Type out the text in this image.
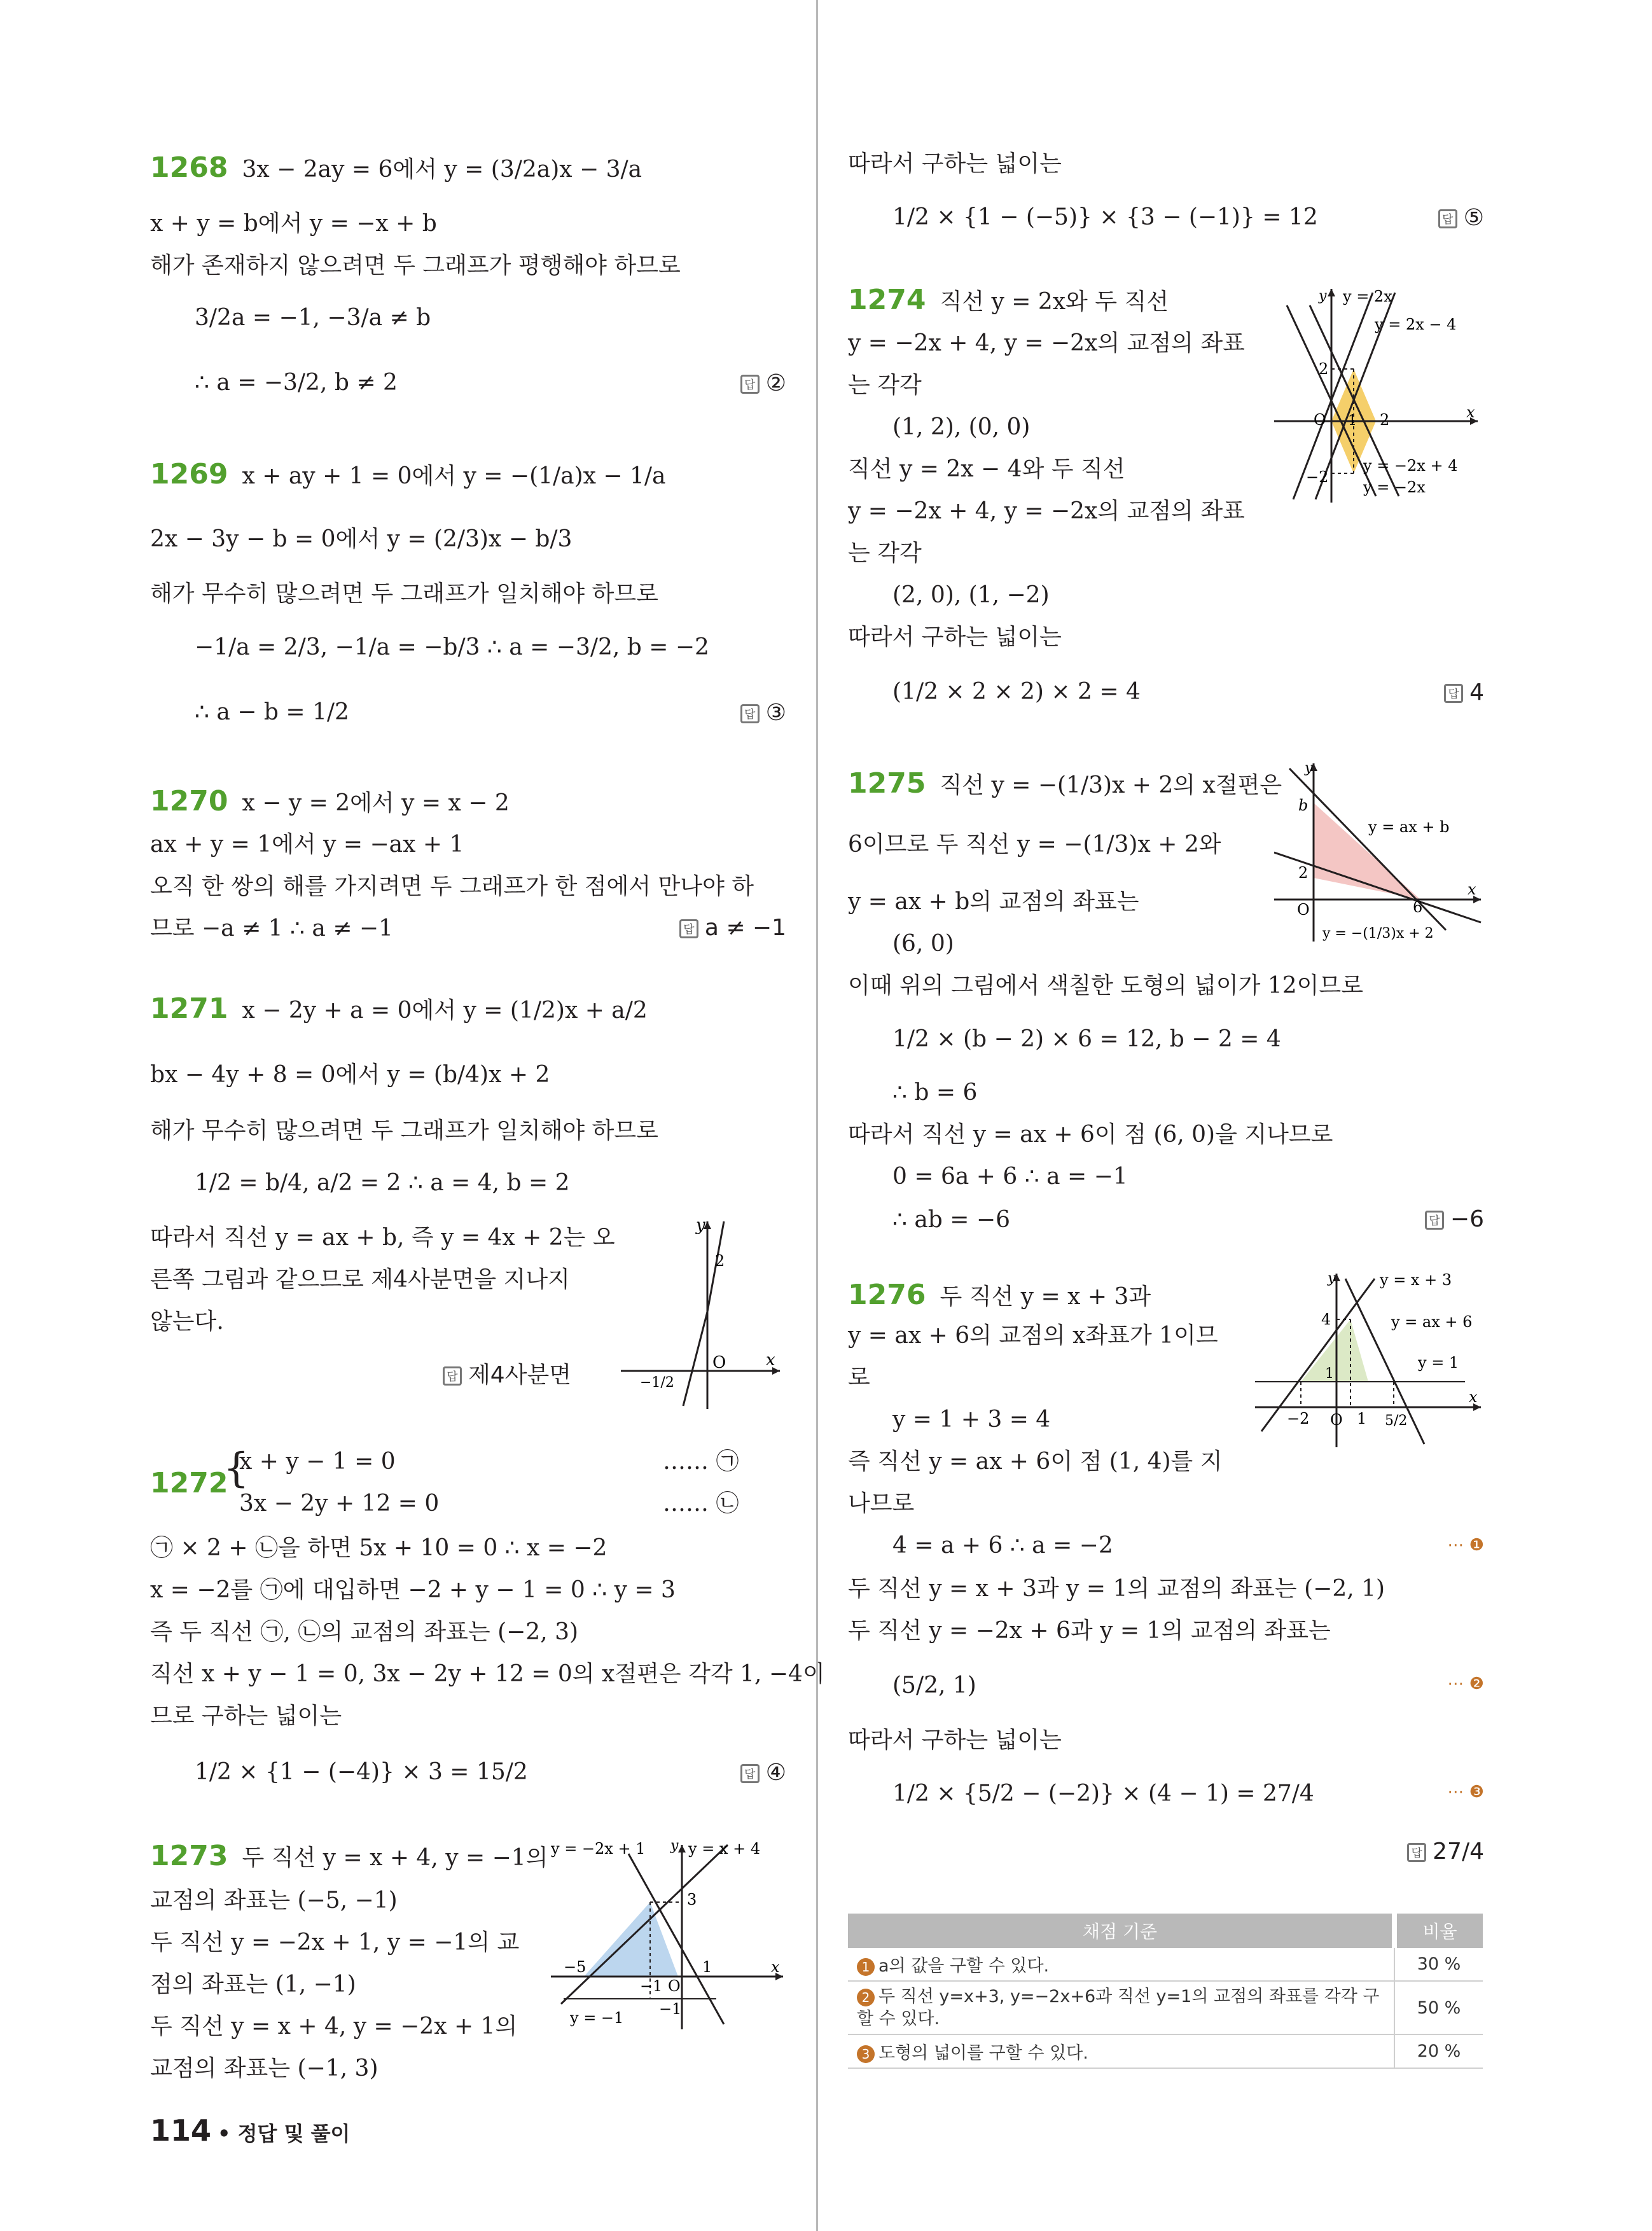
1268 3x − 2ay = 6에서 y = (3/2a)x − 3/a
x + y = b에서 y = −x + b
해가 존재하지 않으려면 두 그래프가 평행해야 하므로
3/2a = −1, −3/a ≠ b
∴ a = −3/2, b ≠ 2	답 ②
1269 x + ay + 1 = 0에서 y = −(1/a)x − 1/a
2x − 3y − b = 0에서 y = (2/3)x − b/3
해가 무수히 많으려면 두 그래프가 일치해야 하므로
−1/a = 2/3, −1/a = −b/3 ∴ a = −3/2, b = −2
∴ a − b = 1/2	답 ③
1270 x − y = 2에서 y = x − 2
ax + y = 1에서 y = −ax + 1
오직 한 쌍의 해를 가지려면 두 그래프가 한 점에서 만나야 하
므로 −a ≠ 1 ∴ a ≠ −1	답 a ≠ −1
1271 x − 2y + a = 0에서 y = (1/2)x + a/2
bx − 4y + 8 = 0에서 y = (b/4)x + 2
해가 무수히 많으려면 두 그래프가 일치해야 하므로
1/2 = b/4, a/2 = 2 ∴ a = 4, b = 2
따라서 직선 y = ax + b, 즉 y = 4x + 2는 오
른쪽 그림과 같으므로 제4사분면을 지나지
않는다.
답 제4사분면
y
x
O
2
−1/2
1272
{
x + y − 1 = 0
3x − 2y + 12 = 0
…… ㉠
…… ㉡
㉠ × 2 + ㉡을 하면 5x + 10 = 0 ∴ x = −2
x = −2를 ㉠에 대입하면 −2 + y − 1 = 0 ∴ y = 3
즉 두 직선 ㉠, ㉡의 교점의 좌표는 (−2, 3)
직선 x + y − 1 = 0, 3x − 2y + 12 = 0의 x절편은 각각 1, −4이
므로 구하는 넓이는
1/2 × {1 − (−4)} × 3 = 15/2	답 ④
1273 두 직선 y = x + 4, y = −1의
교점의 좌표는 (−5, −1)
두 직선 y = −2x + 1, y = −1의 교
점의 좌표는 (1, −1)
두 직선 y = x + 4, y = −2x + 1의
교점의 좌표는 (−1, 3)
y = −2x + 1	y = x + 4
y = −1
y
x
O
3
−5	1
−1
−1
따라서 구하는 넓이는
1/2 × {1 − (−5)} × {3 − (−1)} = 12	답 ⑤
1274 직선 y = 2x와 두 직선
y = −2x + 4, y = −2x의 교점의 좌표
는 각각
(1, 2), (0, 0)
직선 y = 2x − 4와 두 직선
y = −2x + 4, y = −2x의 교점의 좌표
는 각각
(2, 0), (1, −2)
따라서 구하는 넓이는
(1/2 × 2 × 2) × 2 = 4	답 4
y = 2x
y = 2x − 4
y = −2x + 4
y = −2x
y
x
O
2
1 2
−2
1275 직선 y = −(1/3)x + 2의 x절편은
6이므로 두 직선 y = −(1/3)x + 2와
y = ax + b의 교점의 좌표는
(6, 0)
이때 위의 그림에서 색칠한 도형의 넓이가 12이므로
1/2 × (b − 2) × 6 = 12, b − 2 = 4
∴ b = 6
따라서 직선 y = ax + 6이 점 (6, 0)을 지나므로
0 = 6a + 6 ∴ a = −1
∴ ab = −6	답 −6
y
x
O
b
2
6
y = ax + b
y = −(1/3)x + 2
1276 두 직선 y = x + 3과
y = ax + 6의 교점의 x좌표가 1이므
로
y = 1 + 3 = 4
즉 직선 y = ax + 6이 점 (1, 4)를 지
나므로
4 = a + 6 ∴ a = −2	⋯ ❶
두 직선 y = x + 3과 y = 1의 교점의 좌표는 (−2, 1)
두 직선 y = −2x + 6과 y = 1의 교점의 좌표는
(5/2, 1)	⋯ ❷
따라서 구하는 넓이는
1/2 × {5/2 − (−2)} × (4 − 1) = 27/4	⋯ ❸
답 27/4
y
x
O
4
1
−2	1 5/2
y = x + 3
y = ax + 6
y = 1
채점 기준	비율
1 a의 값을 구할 수 있다.	30 %
2 두 직선 y=x+3, y=−2x+6과 직선 y=1의 교점의 좌표를 각각 구할 수 있다.	50 %
3 도형의 넓이를 구할 수 있다.	20 %
114 • 정답 및 풀이
